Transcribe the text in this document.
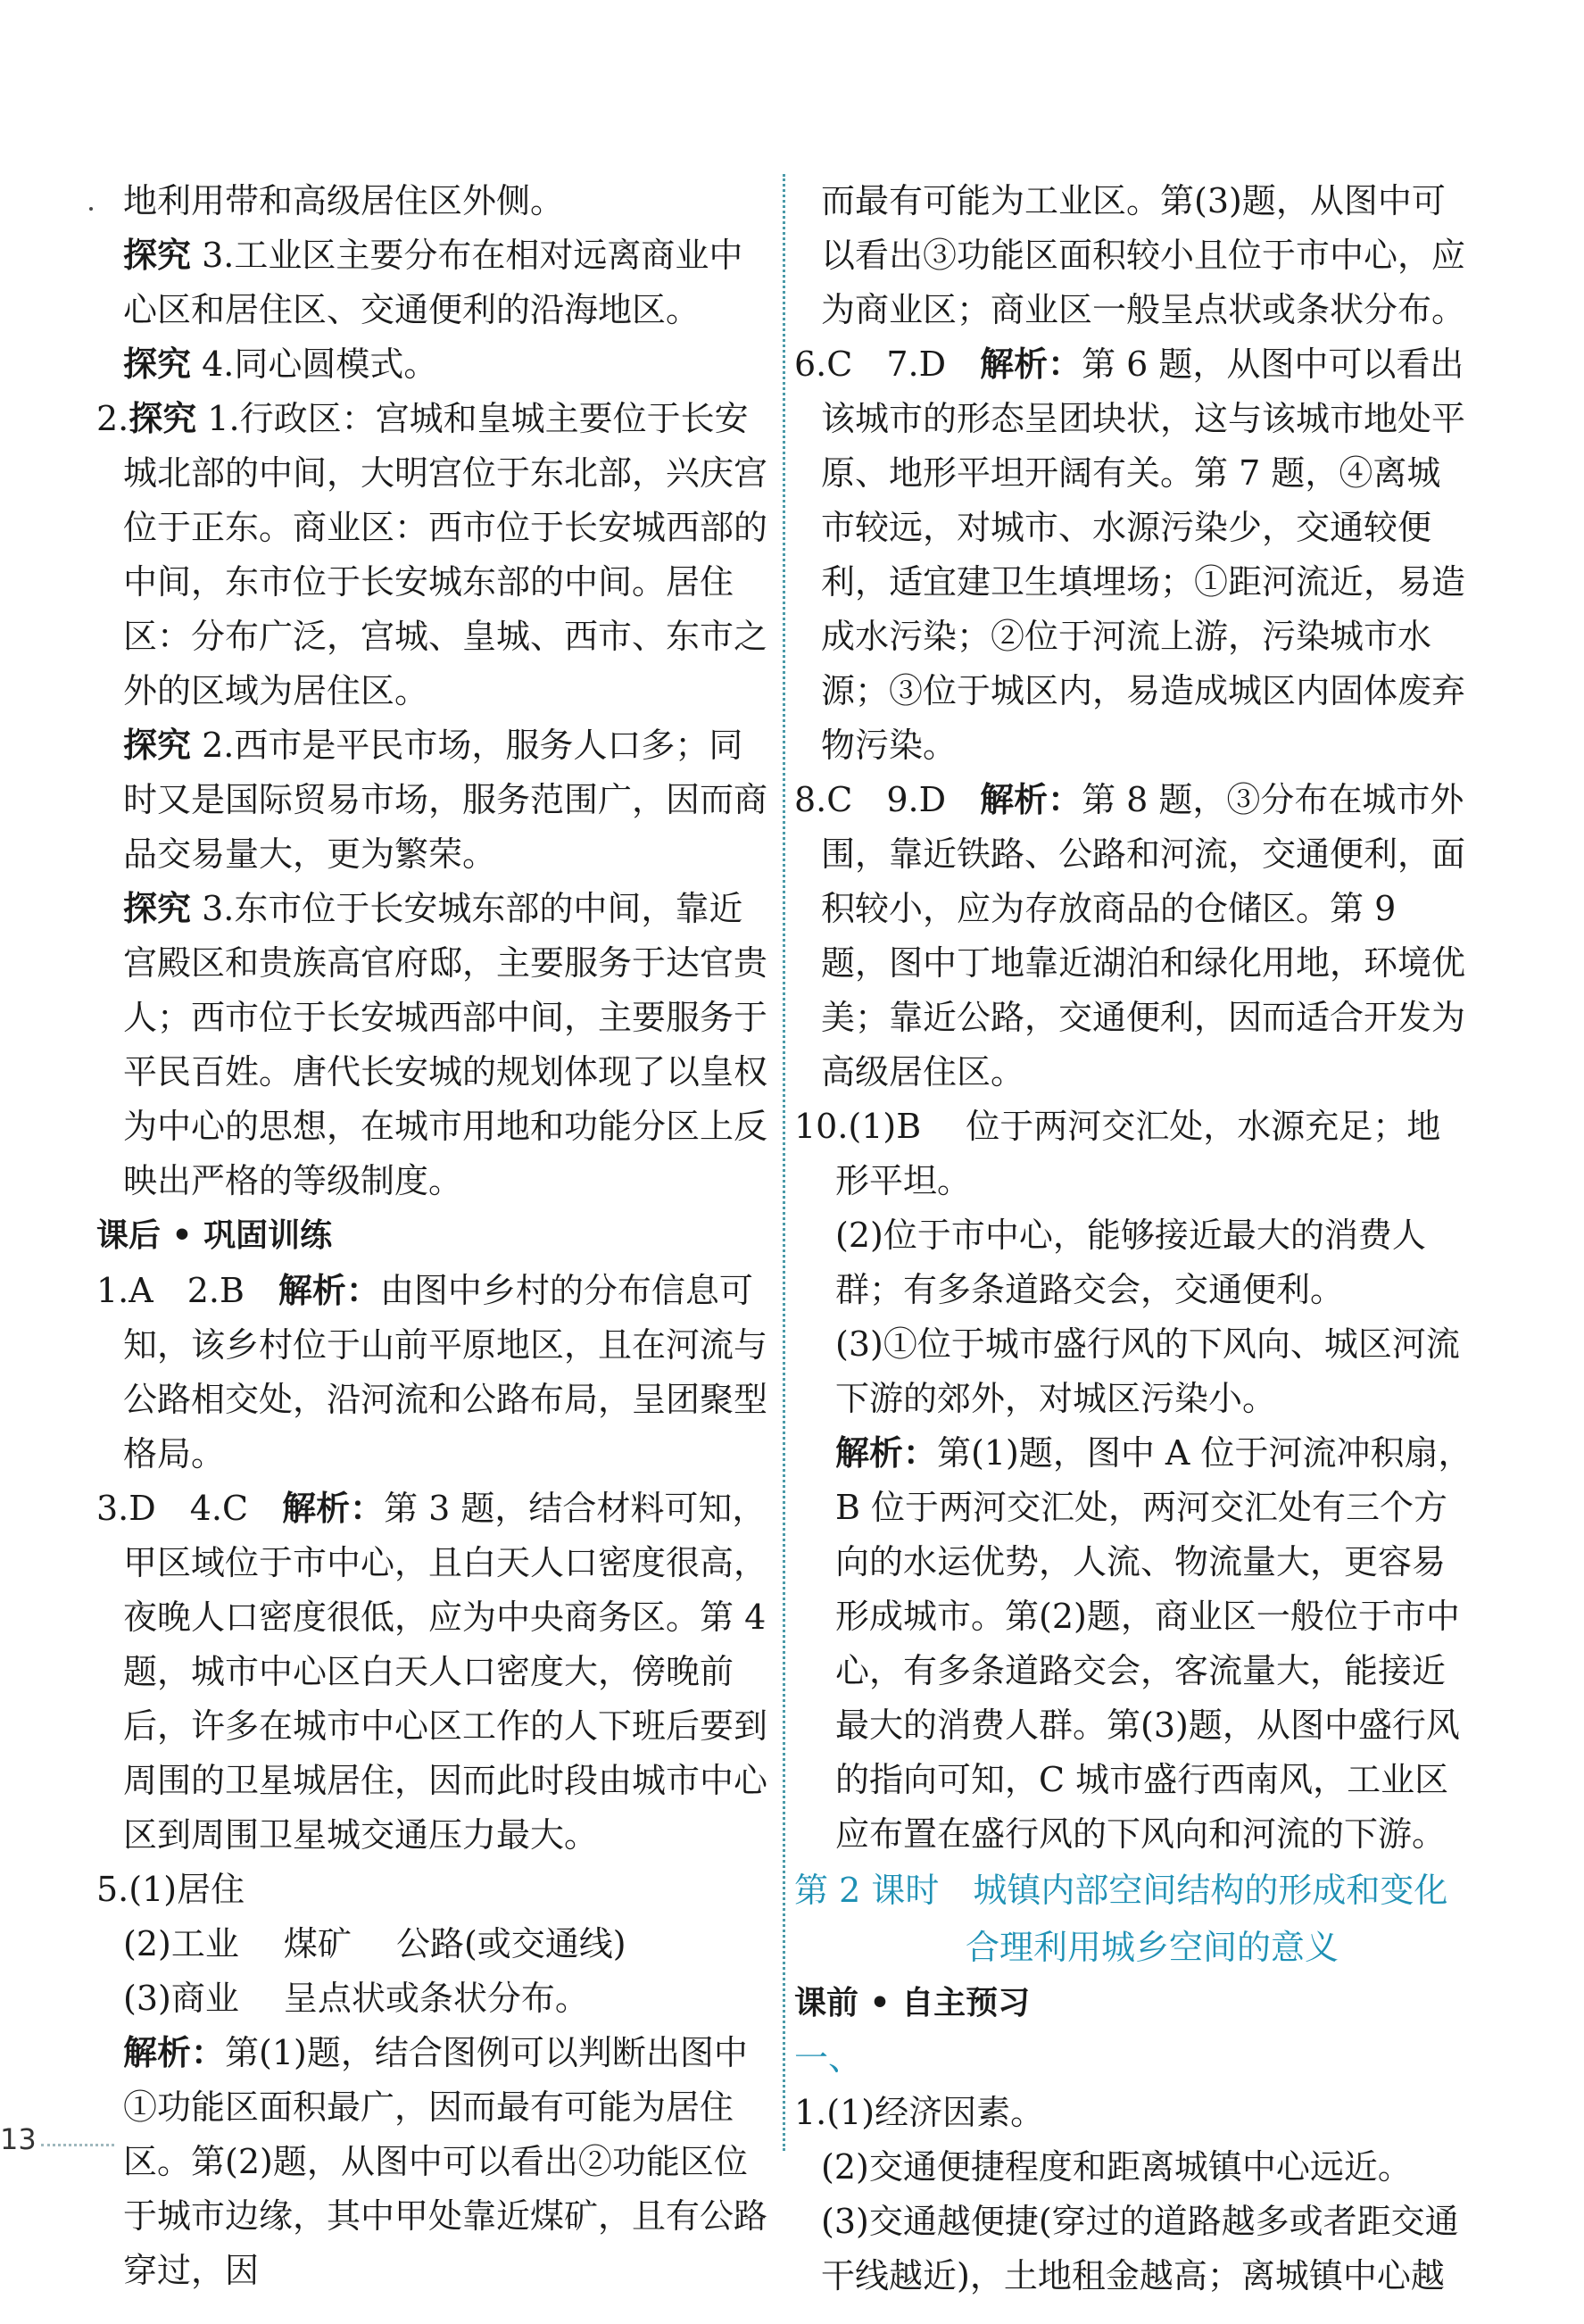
地利用带和高级居住区外侧。

探究 3.工业区主要分布在相对远离商业中心区和居住区、交通便利的沿海地区。

探究 4.同心圆模式。

2.探究 1.行政区：宫城和皇城主要位于长安城北部的中间，大明宫位于东北部，兴庆宫位于正东。商业区：西市位于长安城西部的中间，东市位于长安城东部的中间。居住区：分布广泛，宫城、皇城、西市、东市之外的区域为居住区。

探究 2.西市是平民市场，服务人口多；同时又是国际贸易市场，服务范围广，因而商品交易量大，更为繁荣。

探究 3.东市位于长安城东部的中间，靠近宫殿区和贵族高官府邸，主要服务于达官贵人；西市位于长安城西部中间，主要服务于平民百姓。唐代长安城的规划体现了以皇权为中心的思想，在城市用地和功能分区上反映出严格的等级制度。

课后 • 巩固训练

1.A　2.B　解析：由图中乡村的分布信息可知，该乡村位于山前平原地区，且在河流与公路相交处，沿河流和公路布局，呈团聚型格局。

3.D　4.C　解析：第 3 题，结合材料可知，甲区域位于市中心，且白天人口密度很高，夜晚人口密度很低，应为中央商务区。第 4 题，城市中心区白天人口密度大，傍晚前后，许多在城市中心区工作的人下班后要到周围的卫星城居住，因而此时段由城市中心区到周围卫星城交通压力最大。

5.(1)居住

(2)工业　 煤矿　 公路(或交通线)

(3)商业　 呈点状或条状分布。

解析：第(1)题，结合图例可以判断出图中①功能区面积最广，因而最有可能为居住区。第(2)题，从图中可以看出②功能区位于城市边缘，其中甲处靠近煤矿，且有公路穿过，因

而最有可能为工业区。第(3)题，从图中可以看出③功能区面积较小且位于市中心，应为商业区；商业区一般呈点状或条状分布。

6.C　7.D　解析：第 6 题，从图中可以看出该城市的形态呈团块状，这与该城市地处平原、地形平坦开阔有关。第 7 题，④离城市较远，对城市、水源污染少，交通较便利，适宜建卫生填埋场；①距河流近，易造成水污染；②位于河流上游，污染城市水源；③位于城区内，易造成城区内固体废弃物污染。

8.C　9.D　解析：第 8 题，③分布在城市外围，靠近铁路、公路和河流，交通便利，面积较小，应为存放商品的仓储区。第 9 题，图中丁地靠近湖泊和绿化用地，环境优美；靠近公路，交通便利，因而适合开发为高级居住区。

10.(1)B　 位于两河交汇处，水源充足；地形平坦。

(2)位于市中心，能够接近最大的消费人群；有多条道路交会，交通便利。

(3)①位于城市盛行风的下风向、城区河流下游的郊外，对城区污染小。

解析：第(1)题，图中 A 位于河流冲积扇，B 位于两河交汇处，两河交汇处有三个方向的水运优势，人流、物流量大，更容易形成城市。第(2)题，商业区一般位于市中心，有多条道路交会，客流量大，能接近最大的消费人群。第(3)题，从图中盛行风的指向可知，C 城市盛行西南风，工业区应布置在盛行风的下风向和河流的下游。

第 2 课时　城镇内部空间结构的形成和变化

合理利用城乡空间的意义

课前 • 自主预习

一、

1.(1)经济因素。

(2)交通便捷程度和距离城镇中心远近。

(3)交通越便捷(穿过的道路越多或者距交通干线越近)，土地租金越高；离城镇中心越

13
